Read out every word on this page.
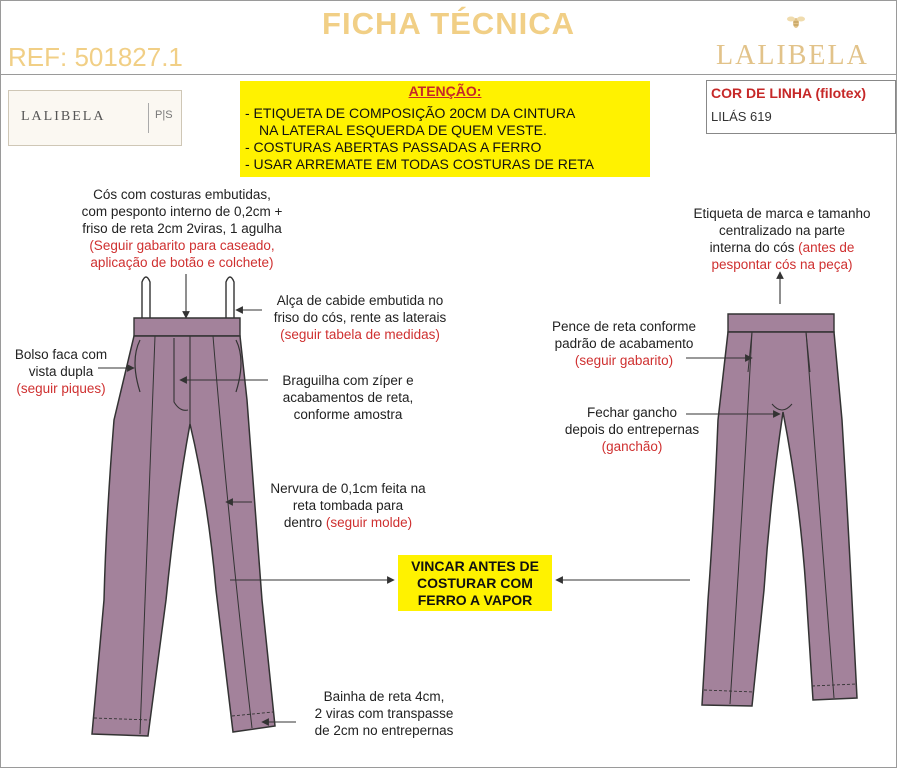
FICHA TÉCNICA
REF: 501827.1	LALIBELA
LALIBELA	P|S
ATENÇÃO:
- ETIQUETA DE COMPOSIÇÃO 20CM DA CINTURA
NA LATERAL ESQUERDA DE QUEM VESTE.
- COSTURAS ABERTAS PASSADAS A FERRO
- USAR ARREMATE EM TODAS COSTURAS DE RETA
COR DE LINHA (filotex)
LILÁS 619
Cós com costuras embutidas,
com pesponto interno de 0,2cm +
friso de reta 2cm 2viras, 1 agulha
(Seguir gabarito para caseado,
aplicação de botão e colchete)
Alça de cabide embutida no
friso do cós, rente as laterais
(seguir tabela de medidas)
Bolso faca com
vista dupla
(seguir piques)
Braguilha com zíper e
acabamentos de reta,
conforme amostra
Nervura de 0,1cm feita na
reta tombada para
dentro (seguir molde)
Bainha de reta 4cm,
2 viras com transpasse
de 2cm no entrepernas
Etiqueta de marca e tamanho
centralizado na parte
interna do cós (antes de
pespontar cós na peça)
Pence de reta conforme
padrão de acabamento
(seguir gabarito)
Fechar gancho
depois do entrepernas
(ganchão)
VINCAR ANTES DE
COSTURAR COM
FERRO A VAPOR
